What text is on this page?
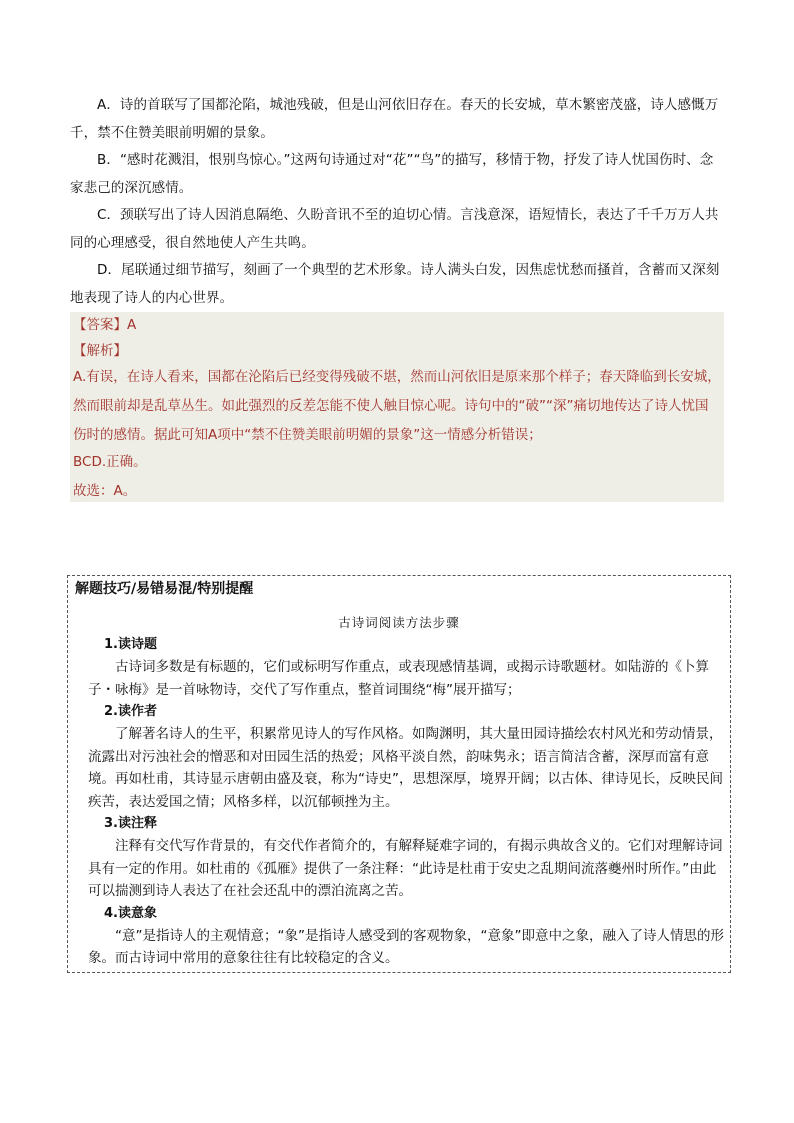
A．诗的首联写了国都沦陷，城池残破，但是山河依旧存在。春天的长安城，草木繁密茂盛，诗人感慨万千，禁不住赞美眼前明媚的景象。

B．“感时花溅泪，恨别鸟惊心。”这两句诗通过对“花”“鸟”的描写，移情于物，抒发了诗人忧国伤时、念家悲己的深沉感情。

C．颈联写出了诗人因消息隔绝、久盼音讯不至的迫切心情。言浅意深，语短情长，表达了千千万万人共同的心理感受，很自然地使人产生共鸣。

D．尾联通过细节描写，刻画了一个典型的艺术形象。诗人满头白发，因焦虑忧愁而搔首，含蓄而又深刻地表现了诗人的内心世界。

【答案】A

【解析】

A.有误，在诗人看来，国都在沦陷后已经变得残破不堪，然而山河依旧是原来那个样子；春天降临到长安城，然而眼前却是乱草丛生。如此强烈的反差怎能不使人触目惊心呢。诗句中的“破”“深”痛切地传达了诗人忧国伤时的感情。据此可知A项中“禁不住赞美眼前明媚的景象”这一情感分析错误；

BCD.正确。

故选：A。

解题技巧/易错易混/特别提醒

古诗词阅读方法步骤

1.读诗题

古诗词多数是有标题的，它们或标明写作重点，或表现感情基调，或揭示诗歌题材。如陆游的《卜算子・咏梅》是一首咏物诗，交代了写作重点，整首词围绕“梅”展开描写；

2.读作者

了解著名诗人的生平，积累常见诗人的写作风格。如陶渊明，其大量田园诗描绘农村风光和劳动情景，流露出对污浊社会的憎恶和对田园生活的热爱；风格平淡自然，韵味隽永；语言简洁含蓄，深厚而富有意境。再如杜甫，其诗显示唐朝由盛及衰，称为“诗史”，思想深厚，境界开阔；以古体、律诗见长，反映民间疾苦，表达爱国之情；风格多样，以沉郁顿挫为主。

3.读注释

注释有交代写作背景的，有交代作者简介的，有解释疑难字词的，有揭示典故含义的。它们对理解诗词具有一定的作用。如杜甫的《孤雁》提供了一条注释：“此诗是杜甫于安史之乱期间流落夔州时所作。”由此可以揣测到诗人表达了在社会还乱中的漂泊流离之苦。

4.读意象

“意”是指诗人的主观情意；“象”是指诗人感受到的客观物象，“意象”即意中之象，融入了诗人情思的形象。而古诗词中常用的意象往往有比较稳定的含义。
